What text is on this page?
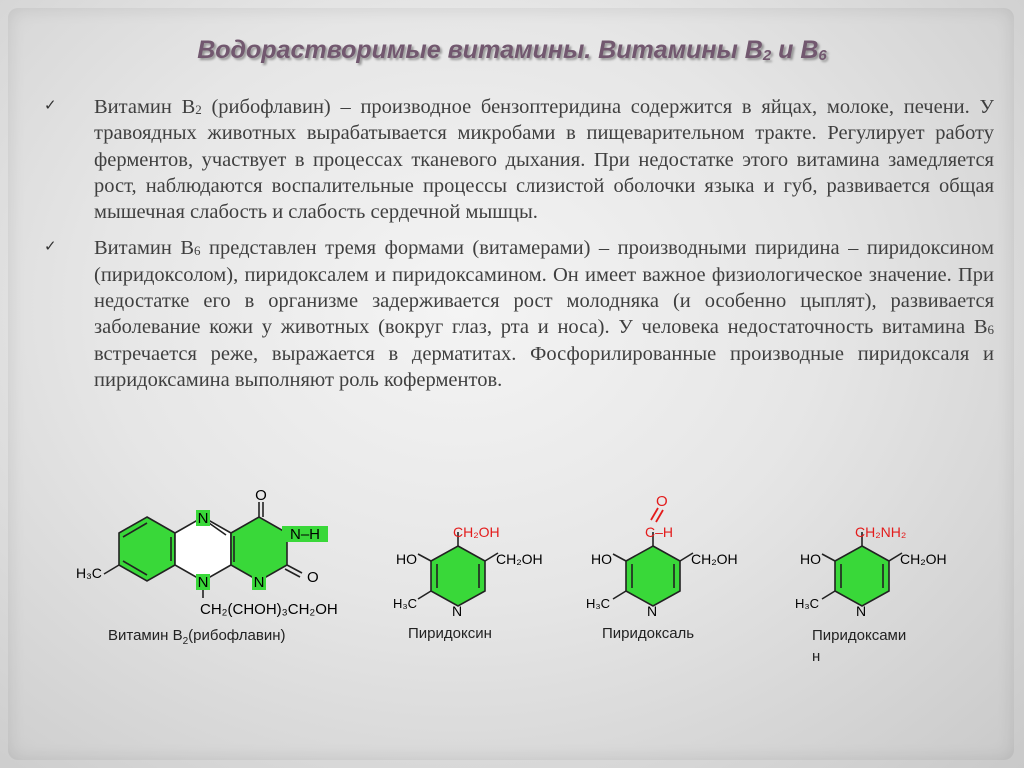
Водорастворимые витамины. Витамины $В_2$ и $В_6$
✓ Витамин $В_2$ (рибофлавин) – производное бензоптеридина содержится в яйцах, молоке, печени. У травоядных животных вырабатывается микробами в пищеварительном тракте. Регулирует работу ферментов, участвует в процессах тканевого дыхания. При недостатке этого витамина замедляется рост, наблюдаются воспалительные процессы слизистой оболочки языка и губ, развивается общая мышечная слабость и слабость сердечной мышцы.
✓ Витамин $В_6$ представлен тремя формами (витамерами) – производными пиридина – пиридоксином (пиридоксолом), пиридоксалем и пиридоксамином. Он имеет важное физиологическое значение. При недостатке его в организме задерживается рост молодняка (и особенно цыплят), развивается заболевание кожи у животных (вокруг глаз, рта и носа). У человека недостаточность витамина $В_6$ встречается реже, выражается в дерматитах. Фосфорилированные производные пиридоксаля и пиридоксамина выполняют роль коферментов.
N
N	N
N–H
O
O
H₃C
CH₂(CHOH)₃CH₂OH
CH₂OH
HO	CH₂OH
N
H₃C
O
C–H
HO	CH₂OH
N
H₃C
CH₂NH₂
HO	CH₂OH
N
H₃C
Витамин $B_2(рибофлавин)$	Пиридоксин	Пиридоксаль	Пиридоксами
н
